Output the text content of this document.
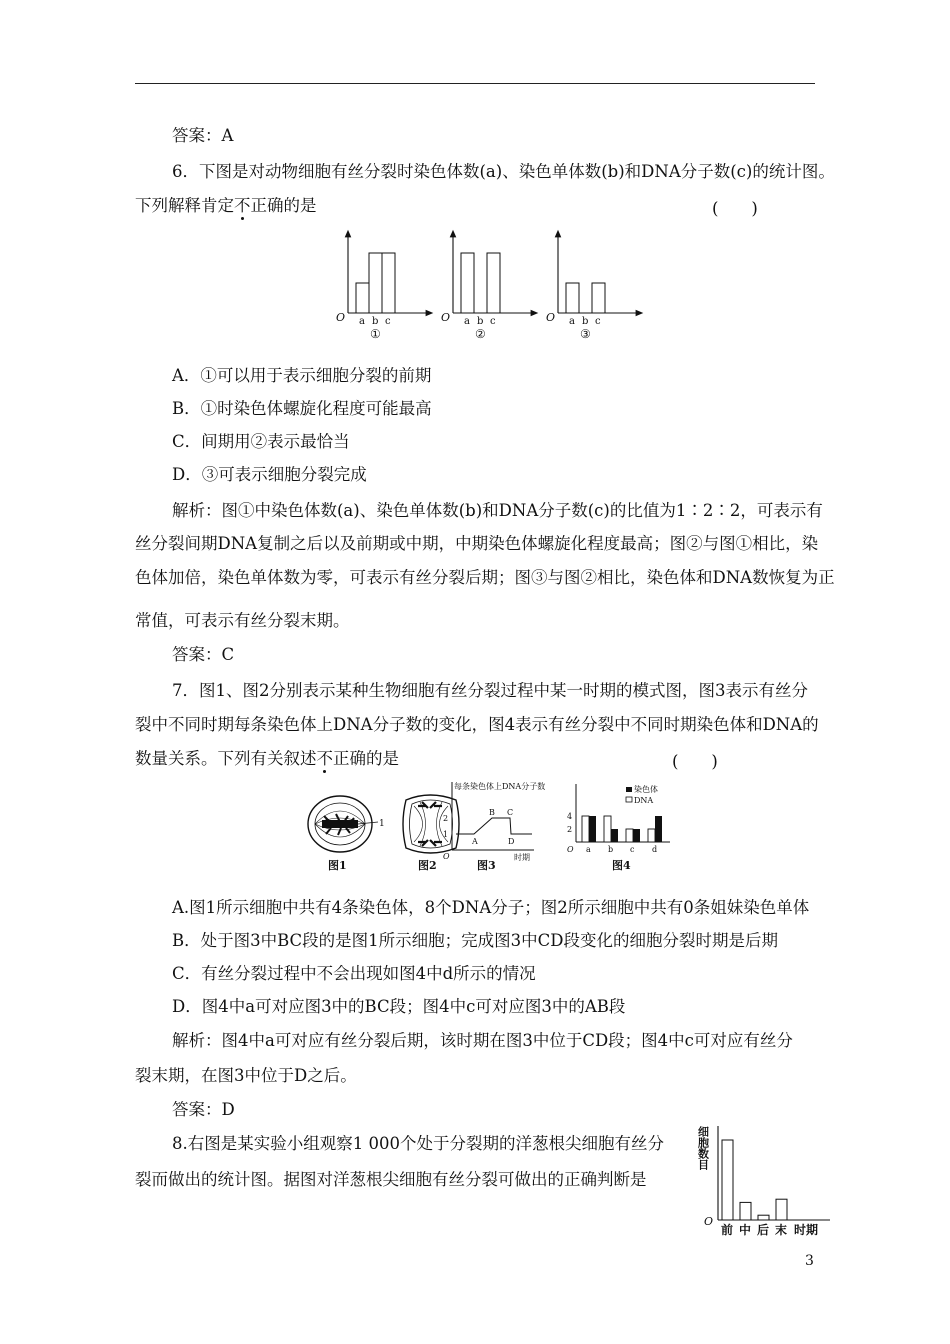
答案：A
6．下图是对动物细胞有丝分裂时染色体数(a)、染色单体数(b)和DNA分子数(c)的统计图。
下列解释肯定不正确的是	(　　)
O a b c
①
O a b c
②
O a b c
③
A．①可以用于表示细胞分裂的前期
B．①时染色体螺旋化程度可能最高
C．间期用②表示最恰当
D．③可表示细胞分裂完成
解析：图①中染色体数(a)、染色单体数(b)和DNA分子数(c)的比值为1∶2∶2，可表示有
丝分裂间期DNA复制之后以及前期或中期，中期染色体螺旋化程度最高；图②与图①相比，染
色体加倍，染色单体数为零，可表示有丝分裂后期；图③与图②相比，染色体和DNA数恢复为正
常值，可表示有丝分裂末期。
答案：C
7．图1、图2分别表示某种生物细胞有丝分裂过程中某一时期的模式图，图3表示有丝分
裂中不同时期每条染色体上DNA分子数的变化，图4表示有丝分裂中不同时期染色体和DNA的
数量关系。下列有关叙述不正确的是	(　　)
1
图1	图2
每条染色体上DNA分子数
2
1
O	时期
A
B C
D
图3
4
2
O
染色体
DNA
a b c d
图4
A.图1所示细胞中共有4条染色体，8个DNA分子；图2所示细胞中共有0条姐妹染色单体
B．处于图3中BC段的是图1所示细胞；完成图3中CD段变化的细胞分裂时期是后期
C．有丝分裂过程中不会出现如图4中d所示的情况
D．图4中a可对应图3中的BC段；图4中c可对应图3中的AB段
解析：图4中a可对应有丝分裂后期，该时期在图3中位于CD段；图4中c可对应有丝分
裂末期，在图3中位于D之后。
答案：D
8.右图是某实验小组观察1 000个处于分裂期的洋葱根尖细胞有丝分
裂而做出的统计图。据图对洋葱根尖细胞有丝分裂可做出的正确判断是
细胞数目
O
前 中 后 末 时期
3
